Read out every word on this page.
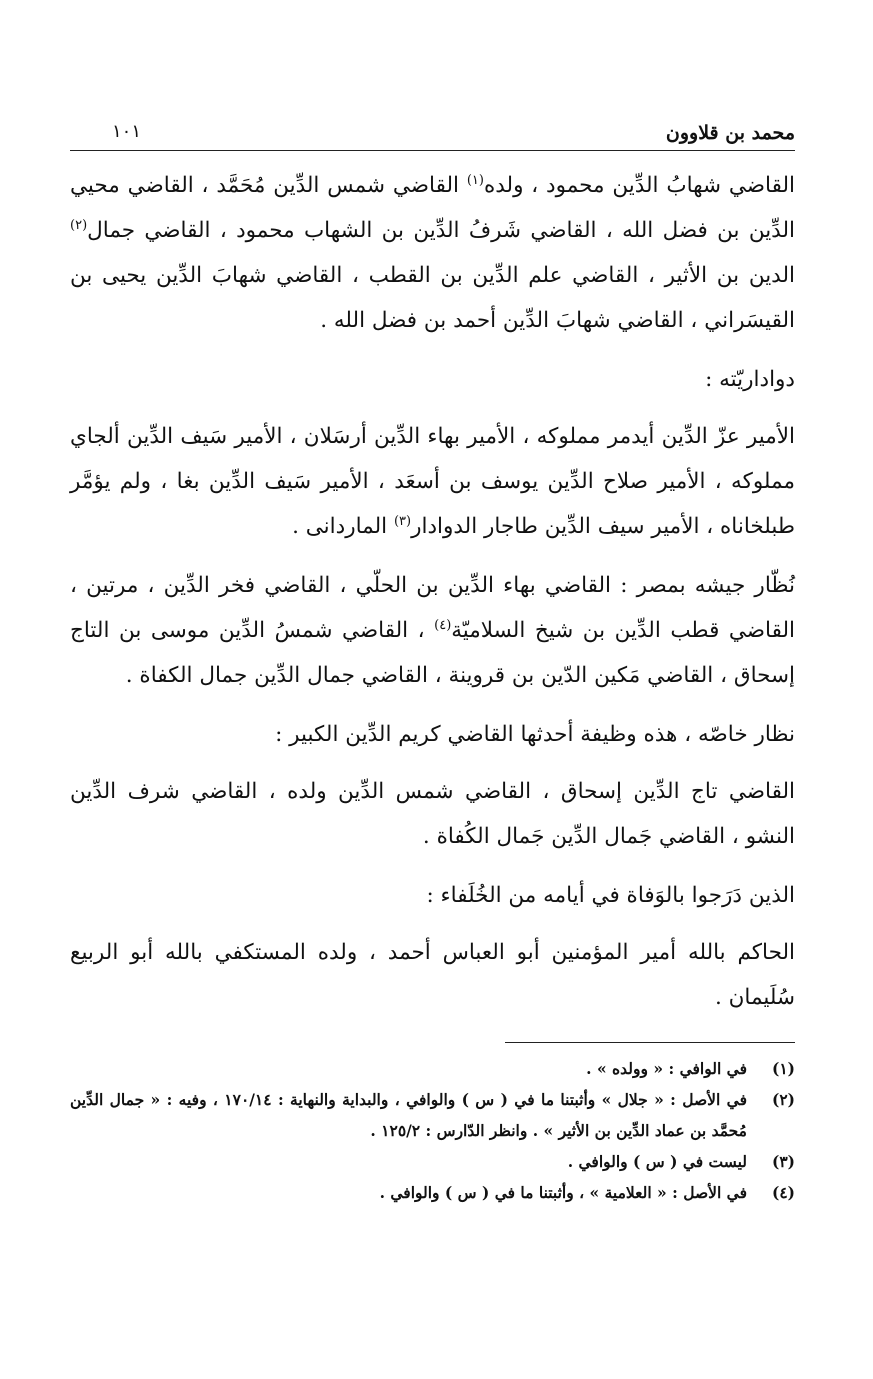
محمد بن قلاوون
١٠١

القاضي شهابُ الدِّين محمود ، ولده$^{(١)}$ القاضي شمس الدِّين مُحَمَّد ، القاضي محيي الدِّين بن فضل الله ، القاضي شَرفُ الدِّين بن الشهاب محمود ، القاضي جمال$^{(٢)}$ الدين بن الأثير ، القاضي علم الدِّين بن القطب ، القاضي شهابَ الدِّين يحيى بن القيسَراني ، القاضي شهابَ الدِّين أحمد بن فضل الله .

دواداريّته :

الأمير عزّ الدِّين أيدمر مملوكه ، الأمير بهاء الدِّين أرسَلان ، الأمير سَيف الدِّين ألجاي مملوكه ، الأمير صلاح الدِّين يوسف بن أسعَد ، الأمير سَيف الدِّين بغا ، ولم يؤمَّر طبلخاناه ، الأمير سيف الدِّين طاجار الدوادار$^{(٣)}$ الماردانى .

نُظّار جيشه بمصر : القاضي بهاء الدِّين بن الحلّي ، القاضي فخر الدِّين ، مرتين ، القاضي قطب الدِّين بن شيخ السلاميّة$^{(٤)}$ ، القاضي شمسُ الدِّين موسى بن التاج إسحاق ، القاضي مَكين الدّين بن قروينة ، القاضي جمال الدِّين جمال الكفاة .

نظار خاصّه ، هذه وظيفة أحدثها القاضي كريم الدِّين الكبير :

القاضي تاج الدِّين إسحاق ، القاضي شمس الدِّين ولده ، القاضي شرف الدِّين النشو ، القاضي جَمال الدِّين جَمال الكُفاة .

الذين دَرَجوا بالوَفاة في أيامه من الخُلَفاء :

الحاكم بالله أمير المؤمنين أبو العباس أحمد ، ولده المستكفي بالله أبو الربيع سُلَيمان .

(١)
في الوافي : « وولده » .
(٢)
في الأصل : « جلال » وأثبتنا ما في ( س ) والوافي ، والبداية والنهاية : ١٧٠/١٤ ، وفيه : « جمال الدِّين مُحمَّد بن عماد الدِّين بن الأثير » . وانظر الدّارس : ١٢٥/٢ .
(٣)
ليست في ( س ) والوافي .
(٤)
في الأصل : « العلامية » ، وأثبتنا ما في ( س ) والوافي .
